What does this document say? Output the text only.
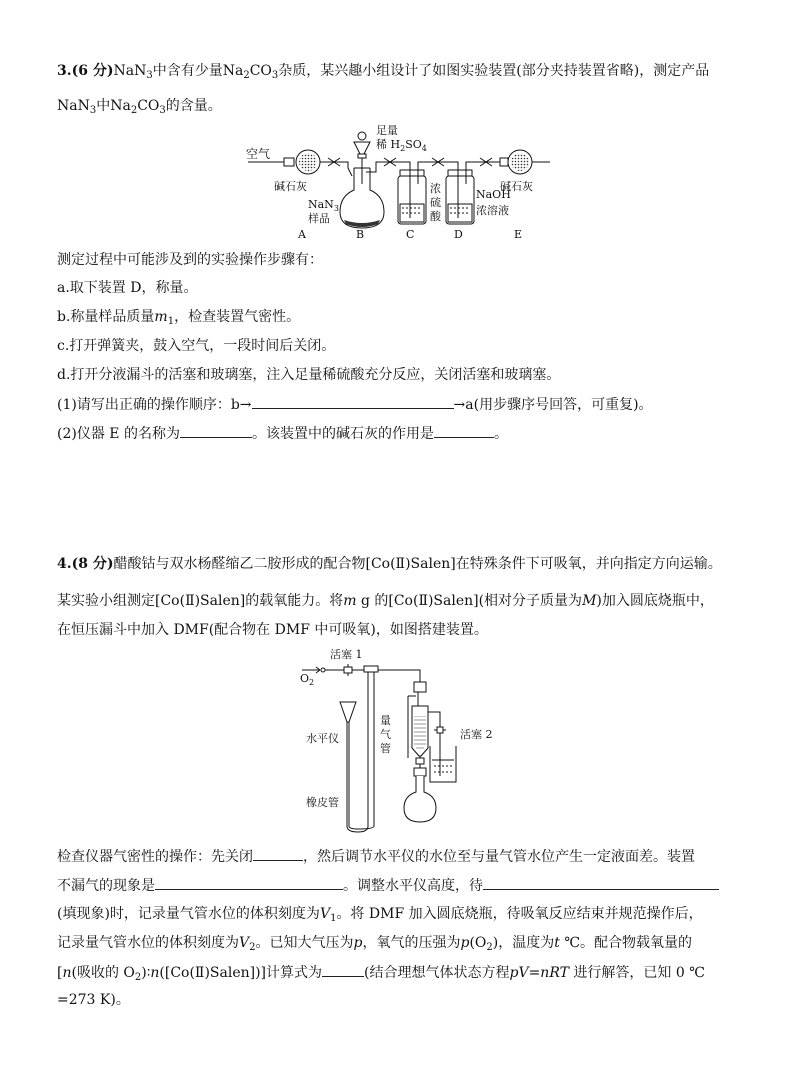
3.(6 分)NaN$_3$中含有少量$Na_2CO_3$杂质，某兴趣小组设计了如图实验装置(部分夹持装置省略)，测定产品
NaN$_3$中$Na_2CO_3$的含量。
空气
碱石灰
足量
稀 $H_2SO_4$
NaN$_3$
样品
浓
硫
酸
NaOH
浓溶液
碱石灰
A	B	C	D	E
测定过程中可能涉及到的实验操作步骤有：
a.取下装置 D，称量。
b.称量样品质量$m_1$，检查装置气密性。
c.打开弹簧夹，鼓入空气，一段时间后关闭。
d.打开分液漏斗的活塞和玻璃塞，注入足量稀硫酸充分反应，关闭活塞和玻璃塞。
(1)请写出正确的操作顺序：b→	→a(用步骤序号回答，可重复)。
(2)仪器 E 的名称为	。该装置中的碱石灰的作用是	。
4.(8 分)醋酸钴与双水杨醛缩乙二胺形成的配合物[Co(Ⅱ)Salen]在特殊条件下可吸氧，并向指定方向运输。
某实验小组测定[Co(Ⅱ)Salen]的载氧能力。将m g 的[Co(Ⅱ)Salen](相对分子质量为M)加入圆底烧瓶中，
在恒压漏斗中加入 DMF(配合物在 DMF 中可吸氧)，如图搭建装置。
活塞 1
$O_2$
量
气
管
水平仪
橡皮管
活塞 2
检查仪器气密性的操作：先关闭	，然后调节水平仪的水位至与量气管水位产生一定液面差。装置
不漏气的现象是	。调整水平仪高度，待
(填现象)时，记录量气管水位的体积刻度为$V_1$。将 DMF 加入圆底烧瓶，待吸氧反应结束并规范操作后，
记录量气管水位的体积刻度为$V_2$。已知大气压为p，氧气的压强为$p(O_2)$，温度为t ℃。配合物载氧量的
[n(吸收的 $O_2)∶n([Co(Ⅱ)Salen])$]计算式为	(结合理想气体状态方程pV=nRT 进行解答，已知 0 ℃
=273 K)。
